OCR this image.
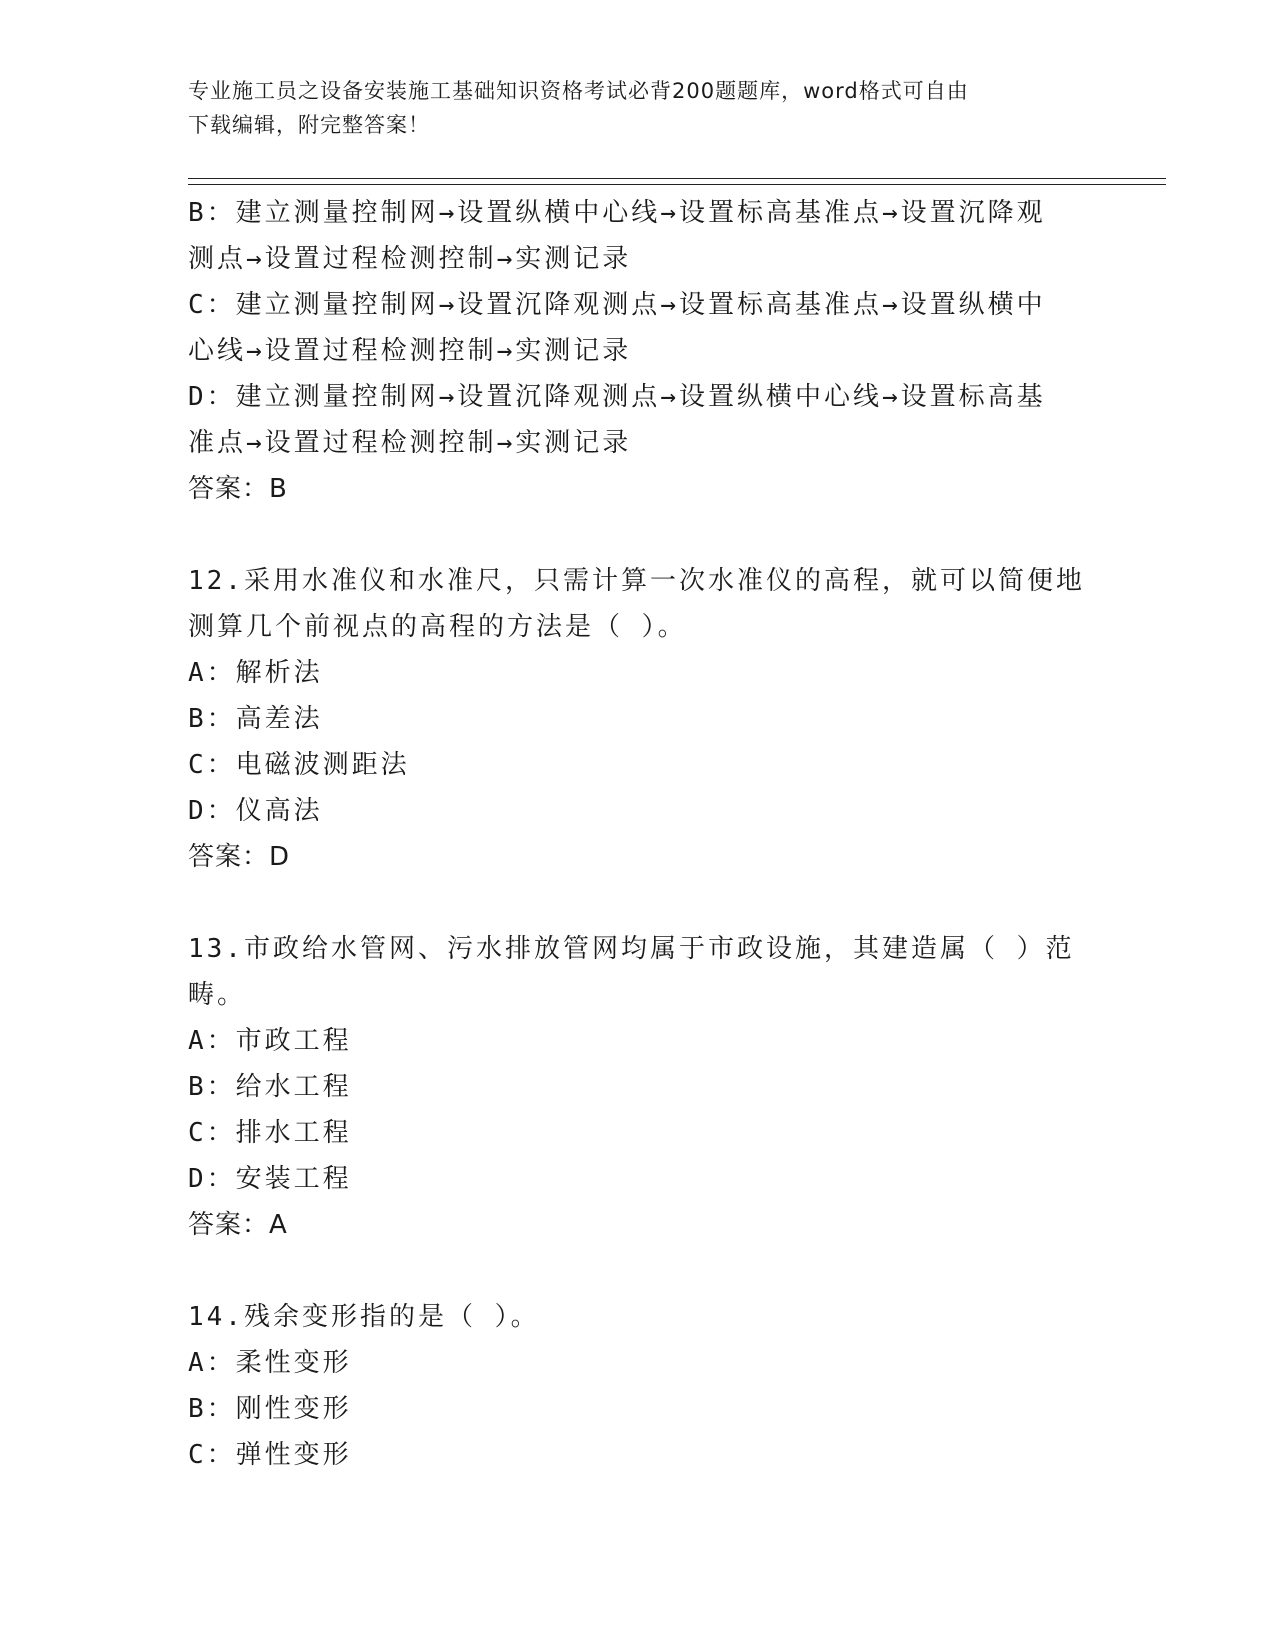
专业施工员之设备安装施工基础知识资格考试必背200题题库，word格式可自由
下载编辑，附完整答案！
B：建立测量控制网→设置纵横中心线→设置标高基准点→设置沉降观
测点→设置过程检测控制→实测记录
C：建立测量控制网→设置沉降观测点→设置标高基准点→设置纵横中
心线→设置过程检测控制→实测记录
D：建立测量控制网→设置沉降观测点→设置纵横中心线→设置标高基
准点→设置过程检测控制→实测记录
答案：B
12.采用水准仪和水准尺，只需计算一次水准仪的高程，就可以简便地
测算几个前视点的高程的方法是（ ）。
A：解析法
B：高差法
C：电磁波测距法
D：仪高法
答案：D
13.市政给水管网、污水排放管网均属于市政设施，其建造属（ ）范
畴。
A：市政工程
B：给水工程
C：排水工程
D：安装工程
答案：A
14.残余变形指的是（ ）。
A：柔性变形
B：刚性变形
C：弹性变形
